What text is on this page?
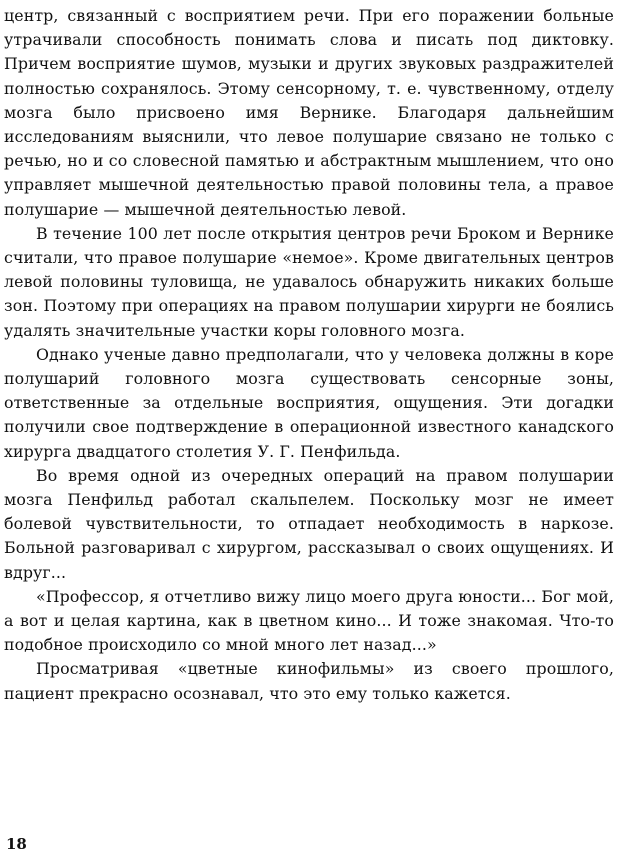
центр, связанный с восприятием речи. При его поражении больные утрачивали способность понимать слова и писать под диктовку. Причем восприятие шумов, музыки и других звуковых раздражителей полностью сохранялось. Этому сенсорному, т. е. чувственному, отделу мозга было присвоено имя Вернике. Благодаря дальнейшим исследованиям выяснили, что левое полушарие связано не только с речью, но и со словесной памятью и абстрактным мышлением, что оно управляет мышечной деятельностью правой половины тела, а правое полушарие — мышечной деятельностью левой.

В течение 100 лет после открытия центров речи Броком и Вернике считали, что правое полушарие «немое». Кроме двигательных центров левой половины туловища, не удавалось обнаружить никаких больше зон. Поэтому при операциях на правом полушарии хирурги не боялись удалять значительные участки коры головного мозга.

Однако ученые давно предполагали, что у человека должны в коре полушарий головного мозга существовать сенсорные зоны, ответственные за отдельные восприятия, ощущения. Эти догадки получили свое подтверждение в операционной известного канадского хирурга двадцатого столетия У. Г. Пенфильда.

Во время одной из очередных операций на правом полушарии мозга Пенфильд работал скальпелем. Поскольку мозг не имеет болевой чувствительности, то отпадает необходимость в наркозе. Больной разговаривал с хирургом, рассказывал о своих ощущениях. И вдруг...

«Профессор, я отчетливо вижу лицо моего друга юности... Бог мой, а вот и целая картина, как в цветном кино... И тоже знакомая. Что-то подобное происходило со мной много лет назад...»

Просматривая «цветные кинофильмы» из своего прошлого, пациент прекрасно осознавал, что это ему только кажется.

18
